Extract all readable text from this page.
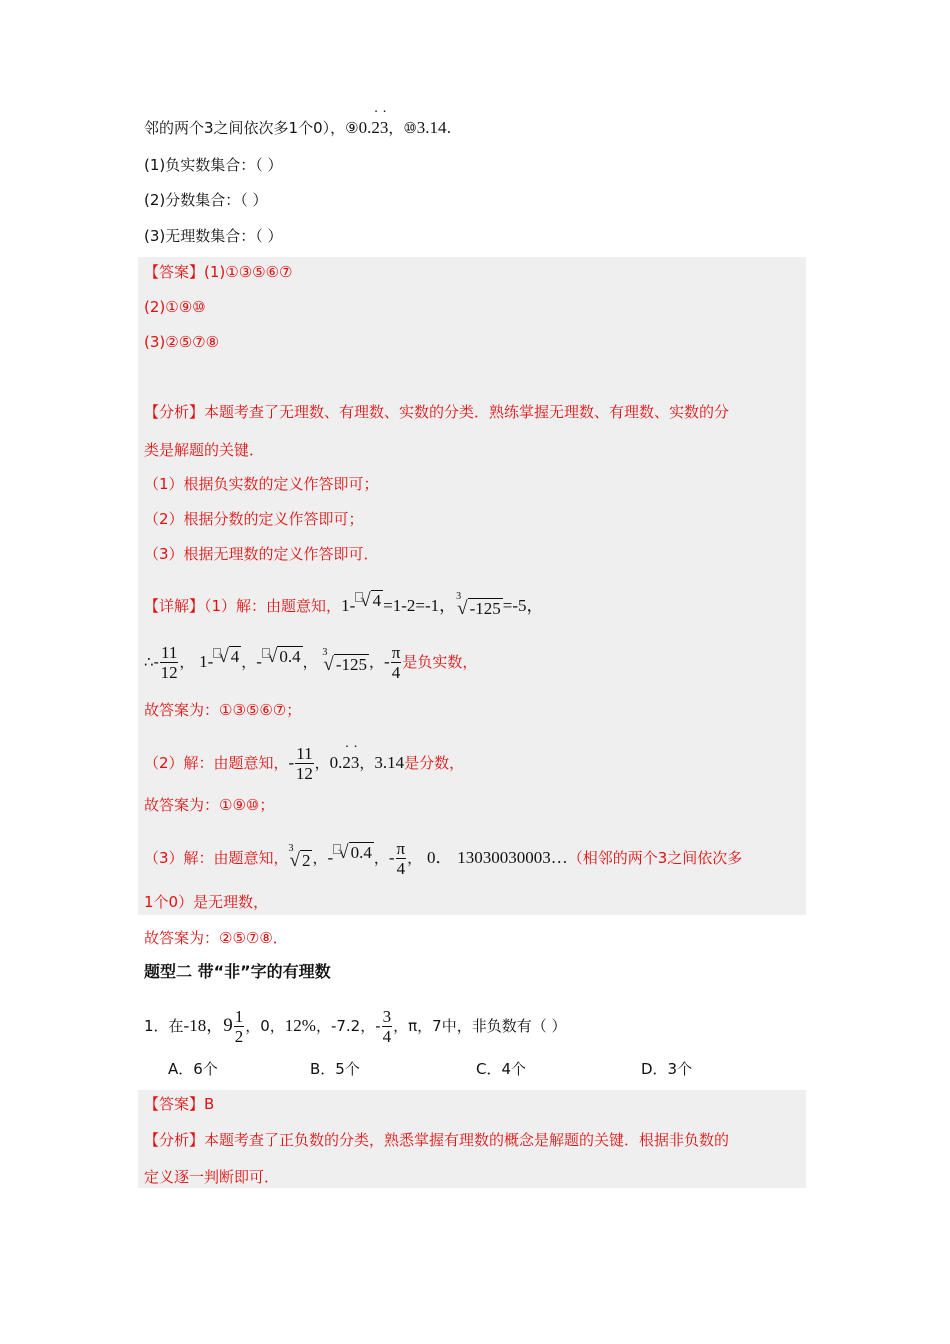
邻的两个3之间依次多1个0），⑨0.2 ˙3 ˙，⑩3.14.
(1)负实数集合：（ ）
(2)分数集合：（ ）
(3)无理数集合：（ ）
【答案】(1)①③⑤⑥⑦
(2)①⑨⑩
(3)②⑤⑦⑧
【分析】本题考查了无理数、有理数、实数的分类．熟练掌握无理数、有理数、实数的分
类是解题的关键．
（1）根据负实数的定义作答即可；
（2）根据分数的定义作答即可；
（3）根据无理数的定义作答即可．
【详解】（1）解：由题意知，1- √ 4 =1-2=-1， 3
√ -125 =-5，
∴- $\frac{11}{12}$ ， 1- √ 4 ，- √ 0.4 ，
3
√ -125 ，- $\frac{\pi}{4}$ 是负实数，
故答案为：①③⑤⑥⑦；
（2）解：由题意知，- $\frac{11}{12}$ ，0.2 ˙3 ˙，3.14是分数，
故答案为：①⑨⑩；
（3）解：由题意知，
3
√ 2 ，- √ 0.4 ，- $\frac{\pi}{4}$ ， 0． 13030030003…（相邻的两个3之间依次多
1个0）是无理数，
故答案为：②⑤⑦⑧．
题型二 带“非”字的有理数
1．在-18，$9 \frac{1}{2}$ ，0，12%，-7.2，- $\frac{3}{4}$ ，π，7中，非负数有（ ）
A．6个	B．5个	C．4个	D．3个
【答案】B
【分析】本题考查了正负数的分类，熟悉掌握有理数的概念是解题的关键．根据非负数的
定义逐一判断即可．
